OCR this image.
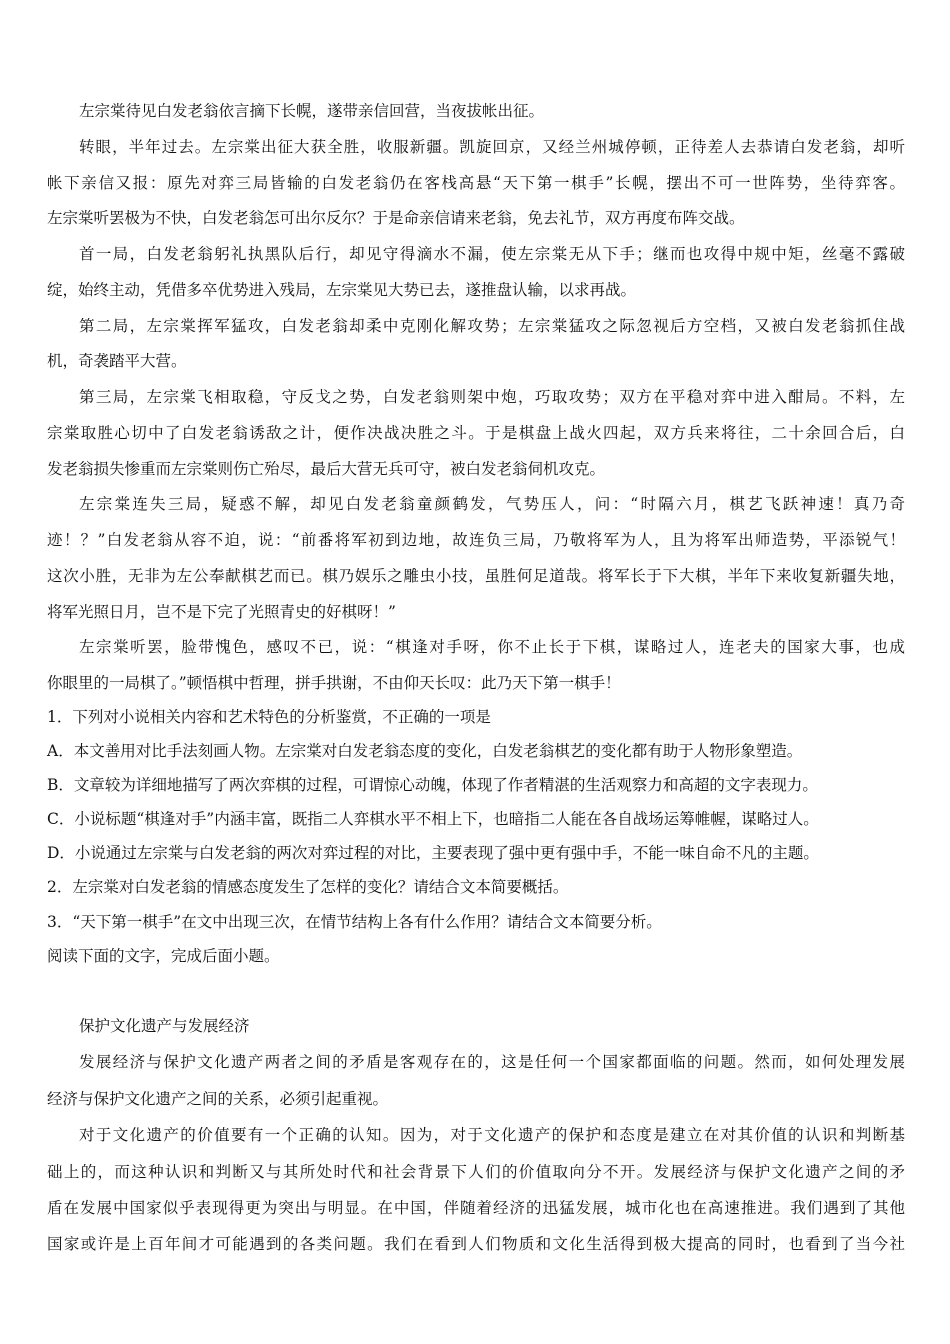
左宗棠待见白发老翁依言摘下长幌，遂带亲信回营，当夜拔帐出征。
转眼，半年过去。左宗棠出征大获全胜，收服新疆。凯旋回京，又经兰州城停顿，正待差人去恭请白发老翁，却听
帐下亲信又报：原先对弈三局皆输的白发老翁仍在客栈高悬“天下第一棋手”长幌，摆出不可一世阵势，坐待弈客。
左宗棠听罢极为不快，白发老翁怎可出尔反尔？于是命亲信请来老翁，免去礼节，双方再度布阵交战。
首一局，白发老翁躬礼执黑队后行，却见守得滴水不漏，使左宗棠无从下手；继而也攻得中规中矩，丝毫不露破
绽，始终主动，凭借多卒优势进入残局，左宗棠见大势已去，遂推盘认输，以求再战。
第二局，左宗棠挥军猛攻，白发老翁却柔中克刚化解攻势；左宗棠猛攻之际忽视后方空档，又被白发老翁抓住战
机，奇袭踏平大营。
第三局，左宗棠飞相取稳，守反戈之势，白发老翁则架中炮，巧取攻势；双方在平稳对弈中进入酣局。不料，左
宗棠取胜心切中了白发老翁诱敌之计，便作决战决胜之斗。于是棋盘上战火四起，双方兵来将往，二十余回合后，白
发老翁损失惨重而左宗棠则伤亡殆尽，最后大营无兵可守，被白发老翁伺机攻克。
左宗棠连失三局，疑惑不解，却见白发老翁童颜鹤发，气势压人，问：“时隔六月，棋艺飞跃神速！真乃奇
迹！？”白发老翁从容不迫，说：“前番将军初到边地，故连负三局，乃敬将军为人，且为将军出师造势，平添锐气！
这次小胜，无非为左公奉献棋艺而已。棋乃娱乐之雕虫小技，虽胜何足道哉。将军长于下大棋，半年下来收复新疆失地，
将军光照日月，岂不是下完了光照青史的好棋呀！”
左宗棠听罢，脸带愧色，感叹不已，说：“棋逢对手呀，你不止长于下棋，谋略过人，连老夫的国家大事，也成
你眼里的一局棋了。”顿悟棋中哲理，拼手拱谢，不由仰天长叹：此乃天下第一棋手！
1．下列对小说相关内容和艺术特色的分析鉴赏，不正确的一项是
A．本文善用对比手法刻画人物。左宗棠对白发老翁态度的变化，白发老翁棋艺的变化都有助于人物形象塑造。
B．文章较为详细地描写了两次弈棋的过程，可谓惊心动魄，体现了作者精湛的生活观察力和高超的文字表现力。
C．小说标题“棋逢对手”内涵丰富，既指二人弈棋水平不相上下，也暗指二人能在各自战场运筹帷幄，谋略过人。
D．小说通过左宗棠与白发老翁的两次对弈过程的对比，主要表现了强中更有强中手，不能一味自命不凡的主题。
2．左宗棠对白发老翁的情感态度发生了怎样的变化？请结合文本简要概括。
3．“天下第一棋手”在文中出现三次，在情节结构上各有什么作用？请结合文本简要分析。
阅读下面的文字，完成后面小题。
保护文化遗产与发展经济
发展经济与保护文化遗产两者之间的矛盾是客观存在的，这是任何一个国家都面临的问题。然而，如何处理发展
经济与保护文化遗产之间的关系，必须引起重视。
对于文化遗产的价值要有一个正确的认知。因为，对于文化遗产的保护和态度是建立在对其价值的认识和判断基
础上的，而这种认识和判断又与其所处时代和社会背景下人们的价值取向分不开。发展经济与保护文化遗产之间的矛
盾在发展中国家似乎表现得更为突出与明显。在中国，伴随着经济的迅猛发展，城市化也在高速推进。我们遇到了其他
国家或许是上百年间才可能遇到的各类问题。我们在看到人们物质和文化生活得到极大提高的同时，也看到了当今社
